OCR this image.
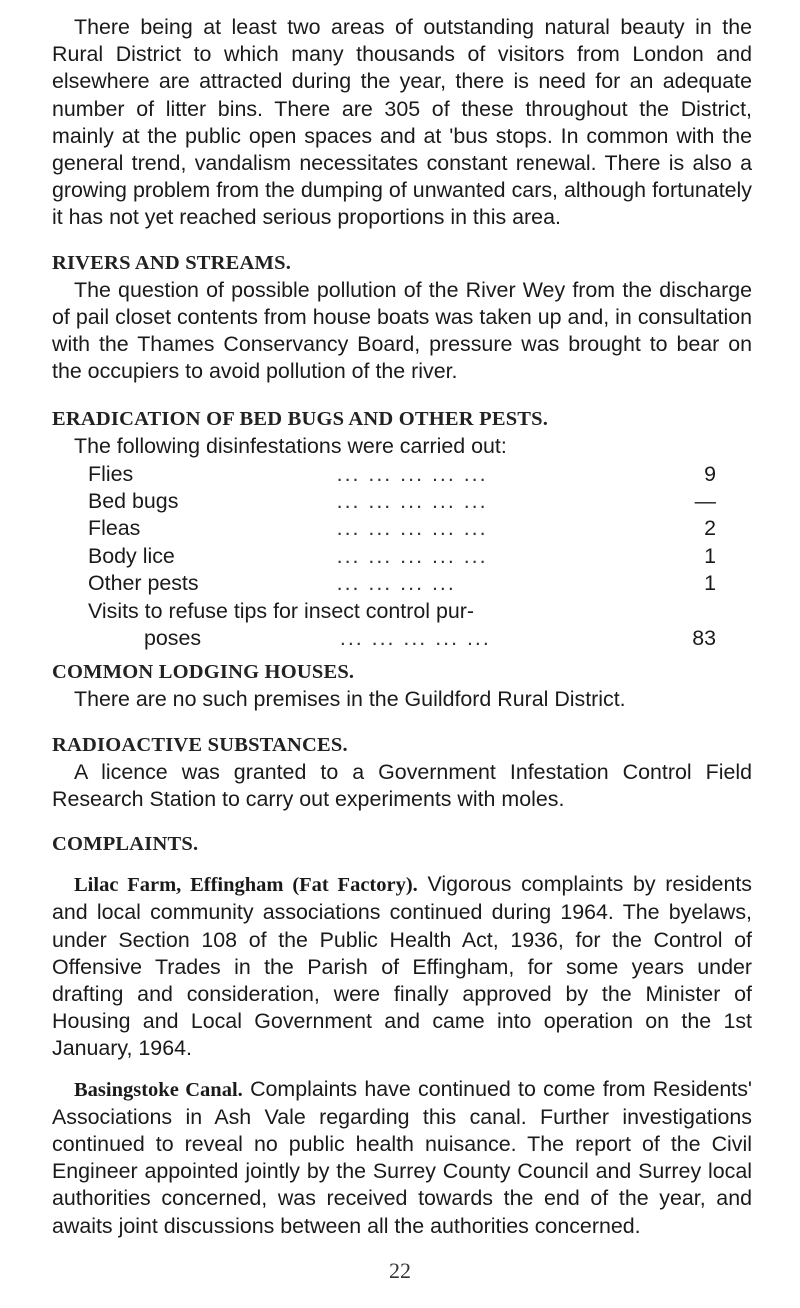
There being at least two areas of outstanding natural beauty in the Rural District to which many thousands of visitors from London and elsewhere are attracted during the year, there is need for an adequate number of litter bins. There are 305 of these throughout the District, mainly at the public open spaces and at 'bus stops. In common with the general trend, vandalism necessitates constant renewal. There is also a growing problem from the dumping of unwanted cars, although fortunately it has not yet reached serious proportions in this area.

RIVERS AND STREAMS.

The question of possible pollution of the River Wey from the discharge of pail closet contents from house boats was taken up and, in consultation with the Thames Conservancy Board, pressure was brought to bear on the occupiers to avoid pollution of the river.

ERADICATION OF BED BUGS AND OTHER PESTS.

The following disinfestations were carried out:

Flies	... ... ... ... ...	9
Bed bugs	... ... ... ... ...	—
Fleas	... ... ... ... ...	2
Body lice	... ... ... ... ...	1
Other pests	... ... ... ...	1
Visits to refuse tips for insect control pur-
poses	... ... ... ... ...	83
COMMON LODGING HOUSES.

There are no such premises in the Guildford Rural District.

RADIOACTIVE SUBSTANCES.

A licence was granted to a Government Infestation Control Field Research Station to carry out experiments with moles.

COMPLAINTS.

Lilac Farm, Effingham (Fat Factory). Vigorous complaints by residents and local community associations continued during 1964. The byelaws, under Section 108 of the Public Health Act, 1936, for the Control of Offensive Trades in the Parish of Effingham, for some years under drafting and consideration, were finally approved by the Minister of Housing and Local Government and came into operation on the 1st January, 1964.

Basingstoke Canal. Complaints have continued to come from Residents' Associations in Ash Vale regarding this canal. Further investigations continued to reveal no public health nuisance. The report of the Civil Engineer appointed jointly by the Surrey County Council and Surrey local authorities concerned, was received towards the end of the year, and awaits joint discussions between all the authorities concerned.

22
